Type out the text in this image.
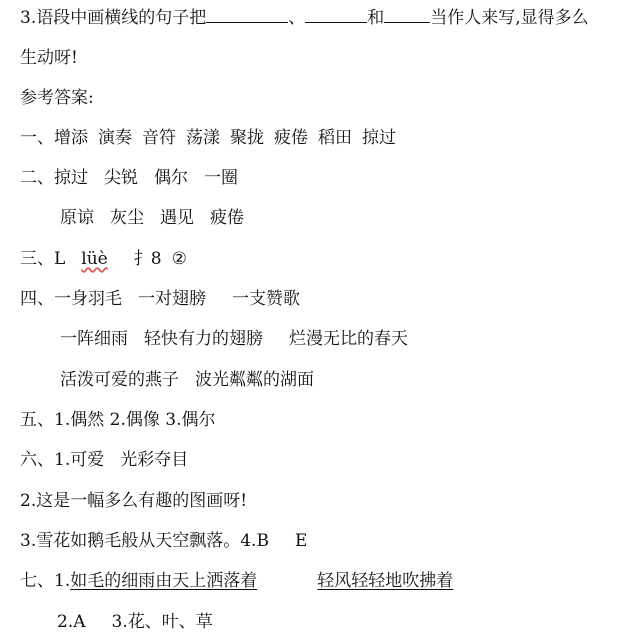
3.语段中画横线的句子把	、	和	当作人来写,显得多么
生动呀!
参考答案:
一、增添 演奏 音符 荡漾 聚拢 疲倦 稻田 掠过
二、掠过 尖锐 偶尔 一圈
原谅 灰尘 遇见 疲倦
三、L lüè 扌8 ②
四、一身羽毛 一对翅膀 一支赞歌
一阵细雨 轻快有力的翅膀 烂漫无比的春天
活泼可爱的燕子 波光粼粼的湖面
五、1.偶然 2.偶像 3.偶尔
六、1.可爱 光彩夺目
2.这是一幅多么有趣的图画呀!
3.雪花如鹅毛般从天空飘落。4.B E
七、1.如毛的细雨由天上洒落着	轻风轻轻地吹拂着
2.A 3.花、叶、草
